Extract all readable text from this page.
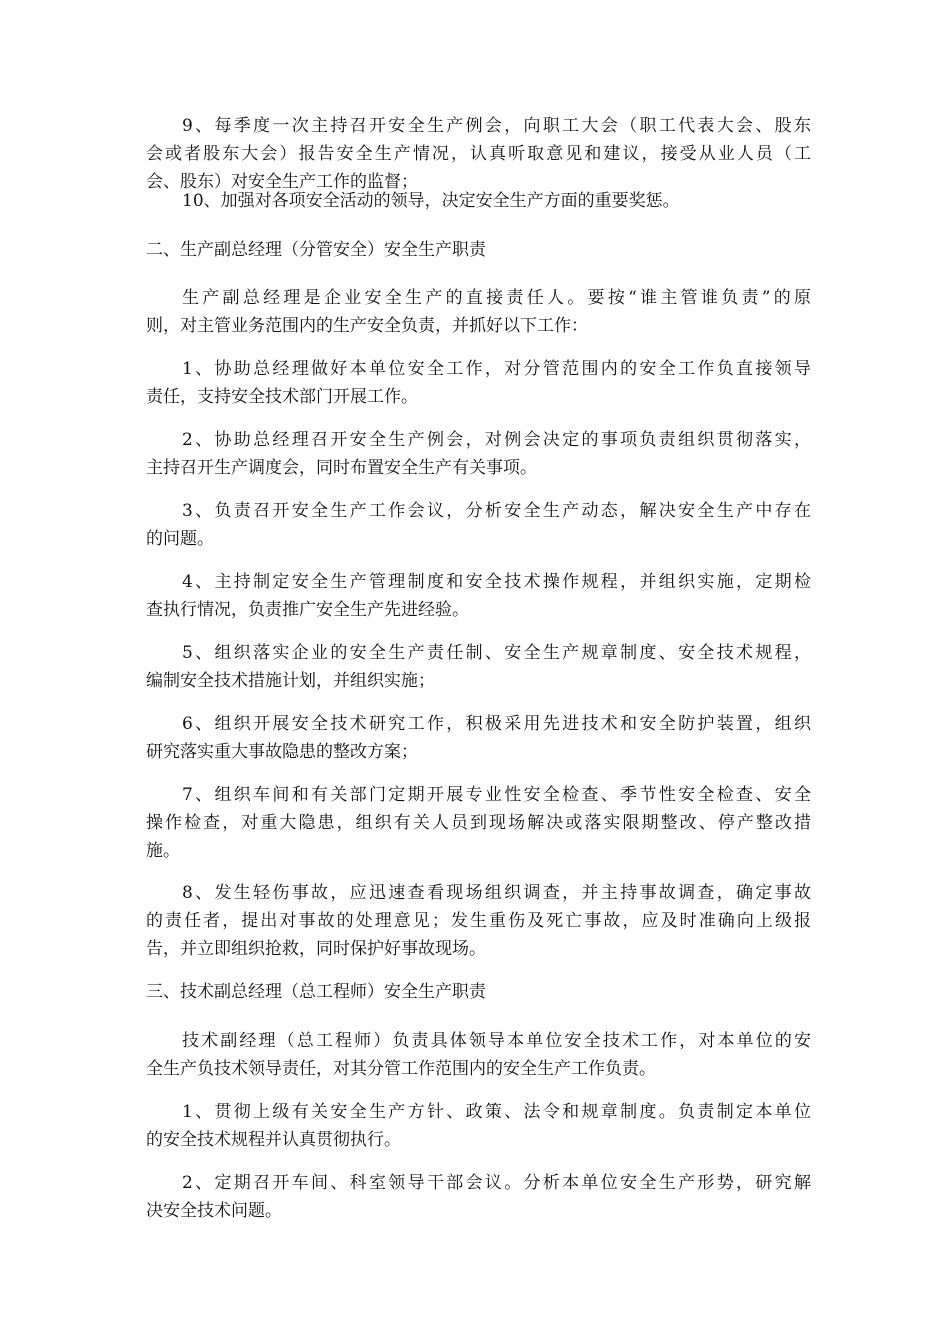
9、每季度一次主持召开安全生产例会，向职工大会（职工代表大会、股东
会或者股东大会）报告安全生产情况，认真听取意见和建议，接受从业人员（工
会、股东）对安全生产工作的监督；
10、加强对各项安全活动的领导，决定安全生产方面的重要奖惩。
二、生产副总经理（分管安全）安全生产职责
生产副总经理是企业安全生产的直接责任人。要按“谁主管谁负责”的原
则，对主管业务范围内的生产安全负责，并抓好以下工作：
1、协助总经理做好本单位安全工作，对分管范围内的安全工作负直接领导
责任，支持安全技术部门开展工作。
2、协助总经理召开安全生产例会，对例会决定的事项负责组织贯彻落实，
主持召开生产调度会，同时布置安全生产有关事项。
3、负责召开安全生产工作会议，分析安全生产动态，解决安全生产中存在
的问题。
4、主持制定安全生产管理制度和安全技术操作规程，并组织实施，定期检
查执行情况，负责推广安全生产先进经验。
5、组织落实企业的安全生产责任制、安全生产规章制度、安全技术规程，
编制安全技术措施计划，并组织实施；
6、组织开展安全技术研究工作，积极采用先进技术和安全防护装置，组织
研究落实重大事故隐患的整改方案；
7、组织车间和有关部门定期开展专业性安全检查、季节性安全检查、安全
操作检查，对重大隐患，组织有关人员到现场解决或落实限期整改、停产整改措
施。
8、发生轻伤事故，应迅速查看现场组织调查，并主持事故调查，确定事故
的责任者，提出对事故的处理意见；发生重伤及死亡事故，应及时准确向上级报
告，并立即组织抢救，同时保护好事故现场。
三、技术副总经理（总工程师）安全生产职责
技术副经理（总工程师）负责具体领导本单位安全技术工作，对本单位的安
全生产负技术领导责任，对其分管工作范围内的安全生产工作负责。
1、贯彻上级有关安全生产方针、政策、法令和规章制度。负责制定本单位
的安全技术规程并认真贯彻执行。
2、定期召开车间、科室领导干部会议。分析本单位安全生产形势，研究解
决安全技术问题。
